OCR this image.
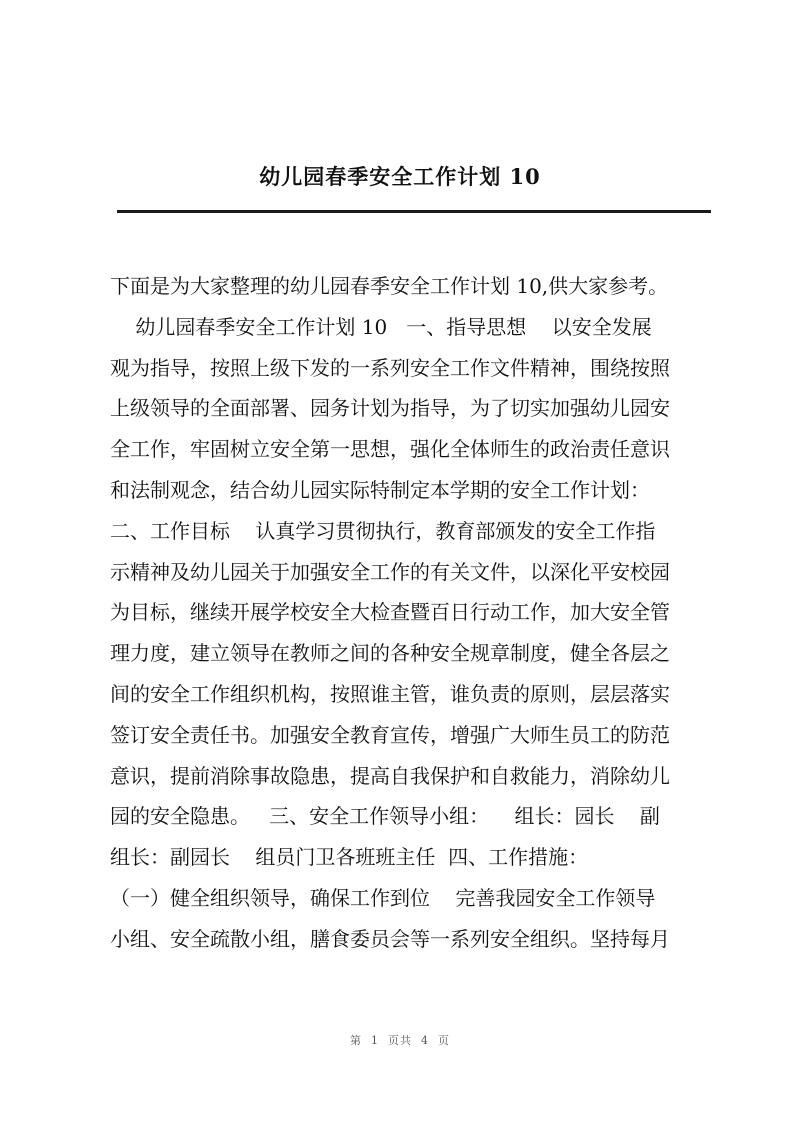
幼儿园春季安全工作计划 10
下面是为大家整理的幼儿园春季安全工作计划 10,供大家参考。
幼儿园春季安全工作计划 10   一、指导思想    以安全发展
观为指导，按照上级下发的一系列安全工作文件精神，围绕按照
上级领导的全面部署、园务计划为指导，为了切实加强幼儿园安
全工作，牢固树立安全第一思想，强化全体师生的政治责任意识
和法制观念，结合幼儿园实际特制定本学期的安全工作计划：
二、工作目标    认真学习贯彻执行，教育部颁发的安全工作指
示精神及幼儿园关于加强安全工作的有关文件，以深化平安校园
为目标，继续开展学校安全大检查暨百日行动工作，加大安全管
理力度，建立领导在教师之间的各种安全规章制度，健全各层之
间的安全工作组织机构，按照谁主管，谁负责的原则，层层落实
签订安全责任书。加强安全教育宣传，增强广大师生员工的防范
意识，提前消除事故隐患，提高自我保护和自救能力，消除幼儿
园的安全隐患。   三、安全工作领导小组：    组长：园长    副
组长：副园长    组员门卫各班班主任  四、工作措施：
（一）健全组织领导，确保工作到位    完善我园安全工作领导
小组、安全疏散小组，膳食委员会等一系列安全组织。坚持每月
第  1  页共  4  页
